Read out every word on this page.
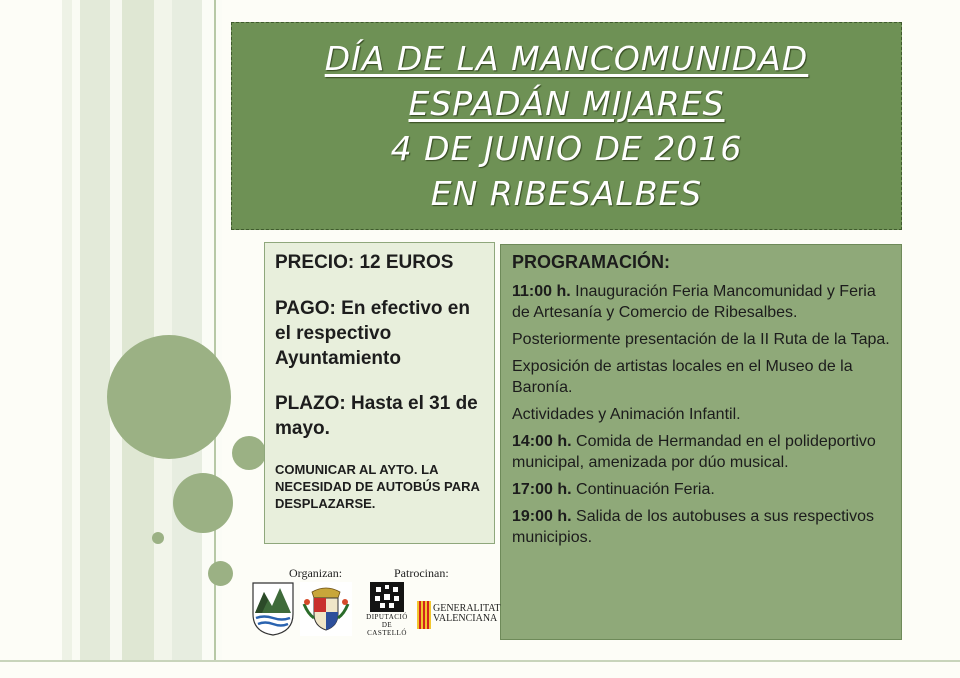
DÍA DE LA MANCOMUNIDAD
ESPADÁN MIJARES
4 DE JUNIO DE 2016
EN RIBESALBES
PRECIO: 12 EUROS
PAGO: En efectivo en el respectivo Ayuntamiento
PLAZO: Hasta el 31 de mayo.
COMUNICAR AL AYTO. LA NECESIDAD DE AUTOBÚS PARA DESPLAZARSE.
PROGRAMACIÓN:
11:00 h. Inauguración Feria Mancomunidad y Feria de Artesanía y Comercio de Ribesalbes.
Posteriormente presentación de la II Ruta de la Tapa.
Exposición de artistas locales en el Museo de la Baronía.
Actividades y Animación Infantil.
14:00 h. Comida de Hermandad en el polideportivo municipal, amenizada por dúo musical.
17:00 h. Continuación Feria.
19:00 h. Salida de los autobuses a sus respectivos municipios.
Organizan:	Patrocinan:
DIPUTACIÓ DE CASTELLÓ
GENERALITAT VALENCIANA
